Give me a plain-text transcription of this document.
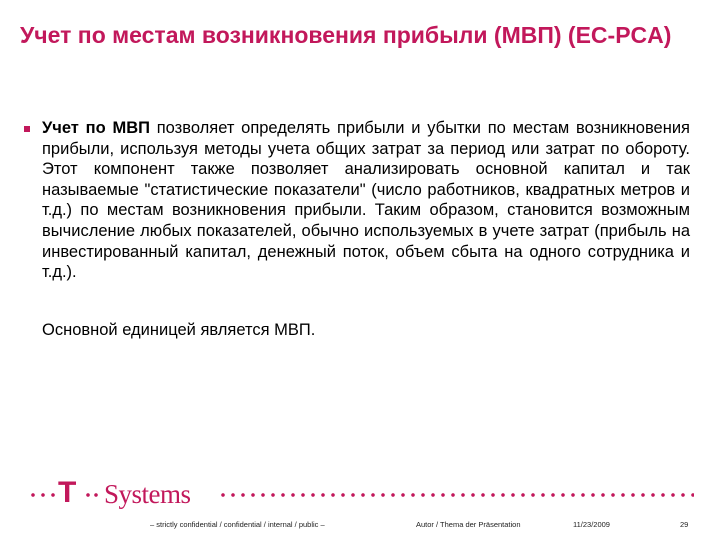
Учет по местам возникновения прибыли (МВП) (EC-PCA)

Учет по МВП позволяет определять прибыли и убытки по местам возникновения прибыли, используя методы учета общих затрат за период или затрат по обороту. Этот компонент также позволяет анализировать основной капитал и так называемые "статистические показатели" (число работников, квадратных метров и т.д.) по местам возникновения прибыли. Таким образом, становится возможным вычисление любых показателей, обычно используемых в учете затрат (прибыль на инвестированный капитал, денежный поток, объем сбыта на одного сотрудника и т.д.).

Основной единицей является МВП.
T Systems
– strictly confidential / confidential / internal / public –	Autor / Thema der Präsentation	11/23/2009	29
